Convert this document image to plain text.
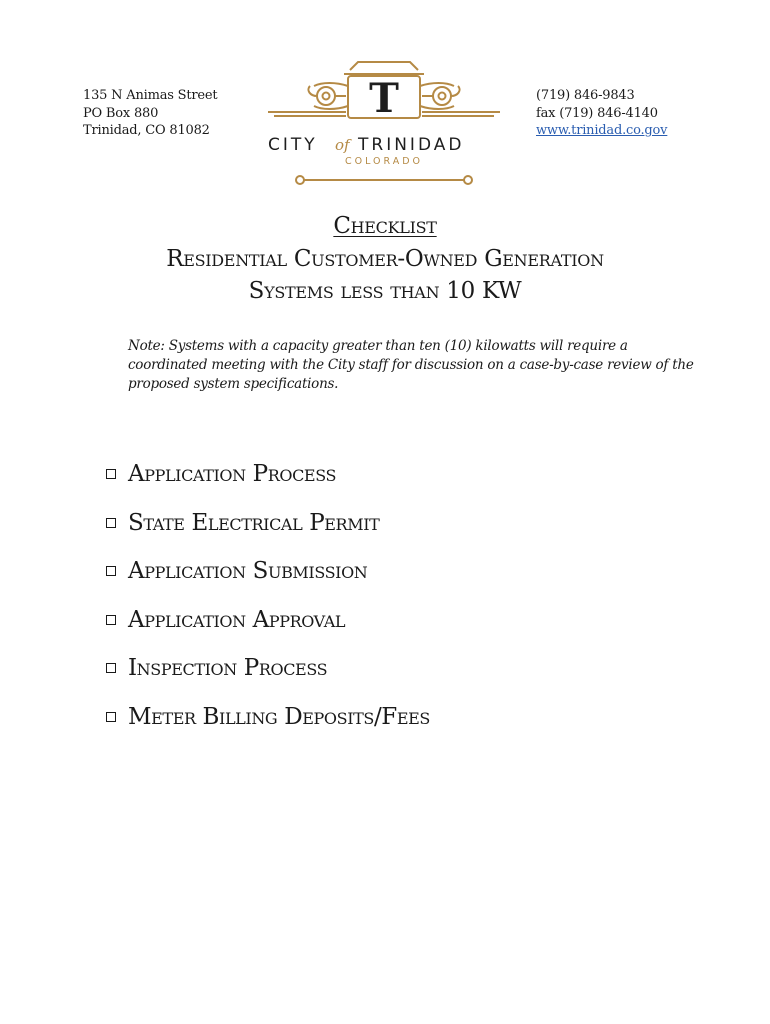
135 N Animas Street
PO Box 880
Trinidad, CO 81082
T
CITY of TRINIDAD
COLORADO
(719) 846-9843
fax (719) 846-4140
www.trinidad.co.gov
Checklist
Residential Customer-Owned Generation
Systems less than 10 KW
Note: Systems with a capacity greater than ten (10) kilowatts will require a coordinated meeting with the City staff for discussion on a case-by-case review of the proposed system specifications.
Application Process
State Electrical Permit
Application Submission
Application Approval
Inspection Process
Meter Billing Deposits/Fees
